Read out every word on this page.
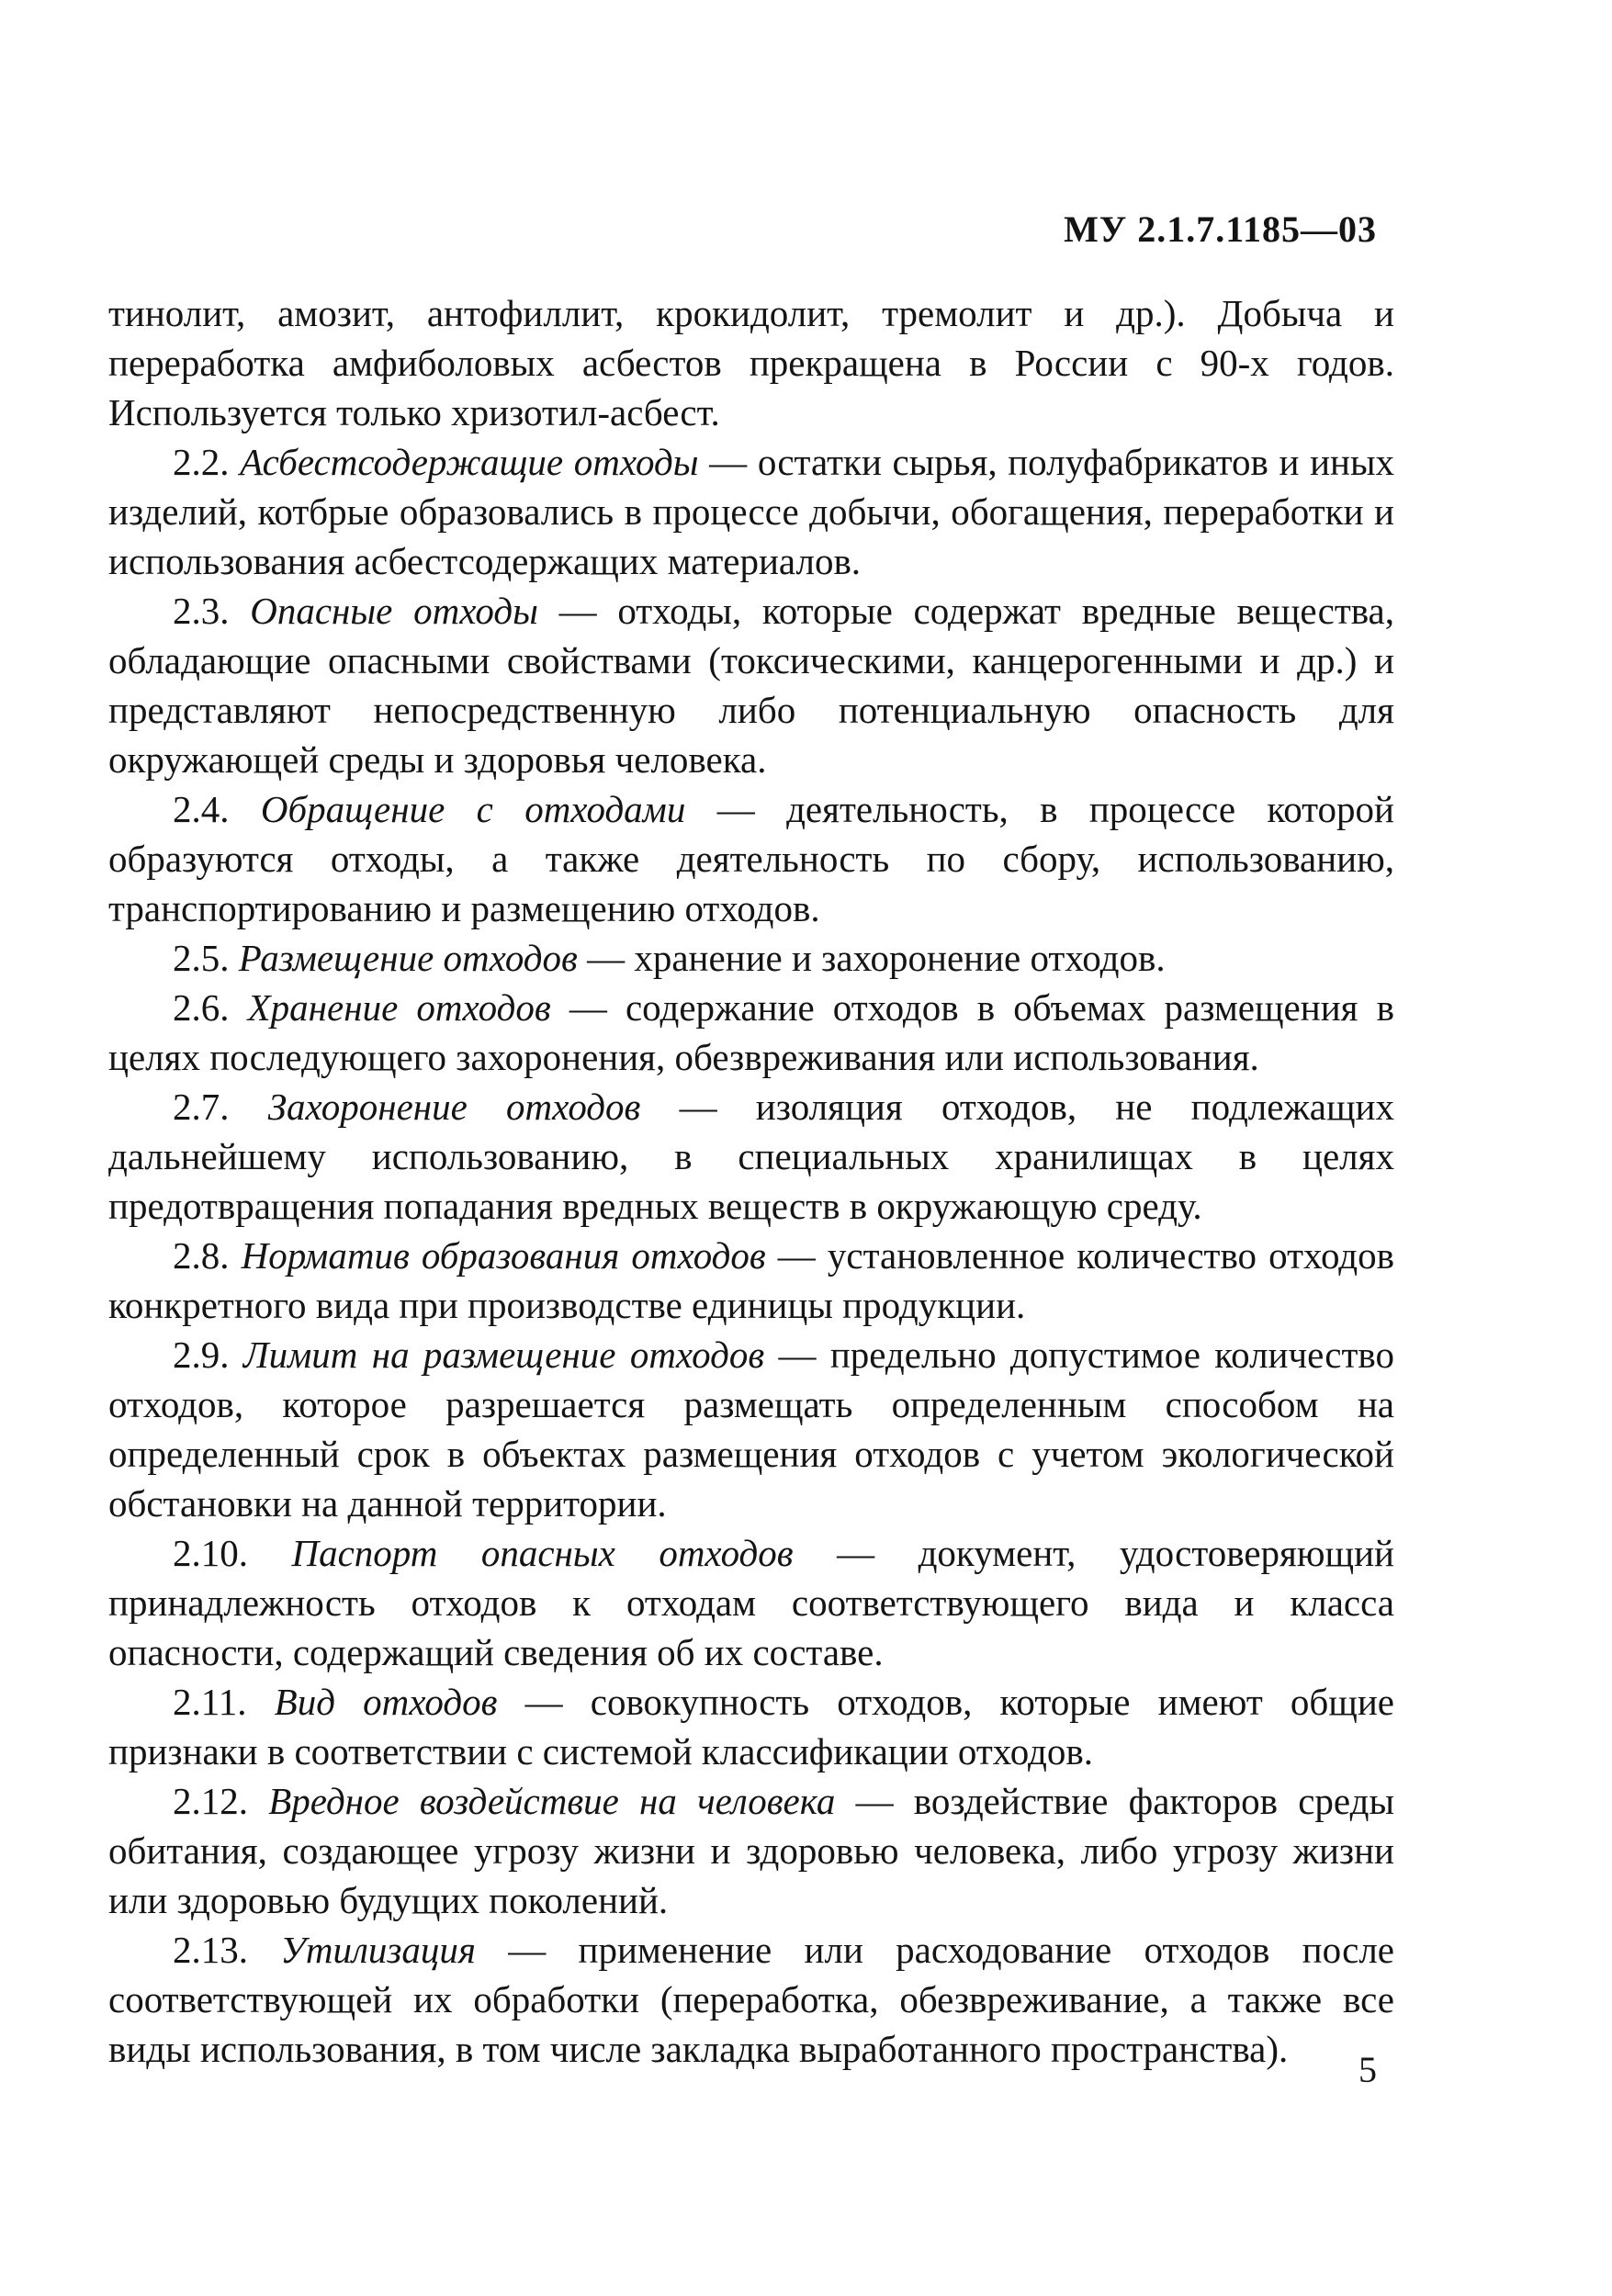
МУ 2.1.7.1185—03

тинолит, амозит, антофиллит, крокидолит, тремолит и др.). Добыча и переработка амфиболовых асбестов прекращена в России с 90-х годов. Используется только хризотил-асбест.

2.2. Асбестсодержащие отходы — остатки сырья, полуфабрикатов и иных изделий, котбрые образовались в процессе добычи, обогащения, переработки и использования асбестсодержащих материалов.

2.3. Опасные отходы — отходы, которые содержат вредные вещества, обладающие опасными свойствами (токсическими, канцерогенными и др.) и представляют непосредственную либо потенциальную опасность для окружающей среды и здоровья человека.

2.4. Обращение с отходами — деятельность, в процессе которой образуются отходы, а также деятельность по сбору, использованию, транспортированию и размещению отходов.

2.5. Размещение отходов — хранение и захоронение отходов.

2.6. Хранение отходов — содержание отходов в объемах размещения в целях последующего захоронения, обезвреживания или использования.

2.7. Захоронение отходов — изоляция отходов, не подлежащих дальнейшему использованию, в специальных хранилищах в целях предотвращения попадания вредных веществ в окружающую среду.

2.8. Норматив образования отходов — установленное количество отходов конкретного вида при производстве единицы продукции.

2.9. Лимит на размещение отходов — предельно допустимое количество отходов, которое разрешается размещать определенным способом на определенный срок в объектах размещения отходов с учетом экологической обстановки на данной территории.

2.10. Паспорт опасных отходов — документ, удостоверяющий принадлежность отходов к отходам соответствующего вида и класса опасности, содержащий сведения об их составе.

2.11. Вид отходов — совокупность отходов, которые имеют общие признаки в соответствии с системой классификации отходов.

2.12. Вредное воздействие на человека — воздействие факторов среды обитания, создающее угрозу жизни и здоровью человека, либо угрозу жизни или здоровью будущих поколений.

2.13. Утилизация — применение или расходование отходов после соответствующей их обработки (переработка, обезвреживание, а также все виды использования, в том числе закладка выработанного пространства).	5
